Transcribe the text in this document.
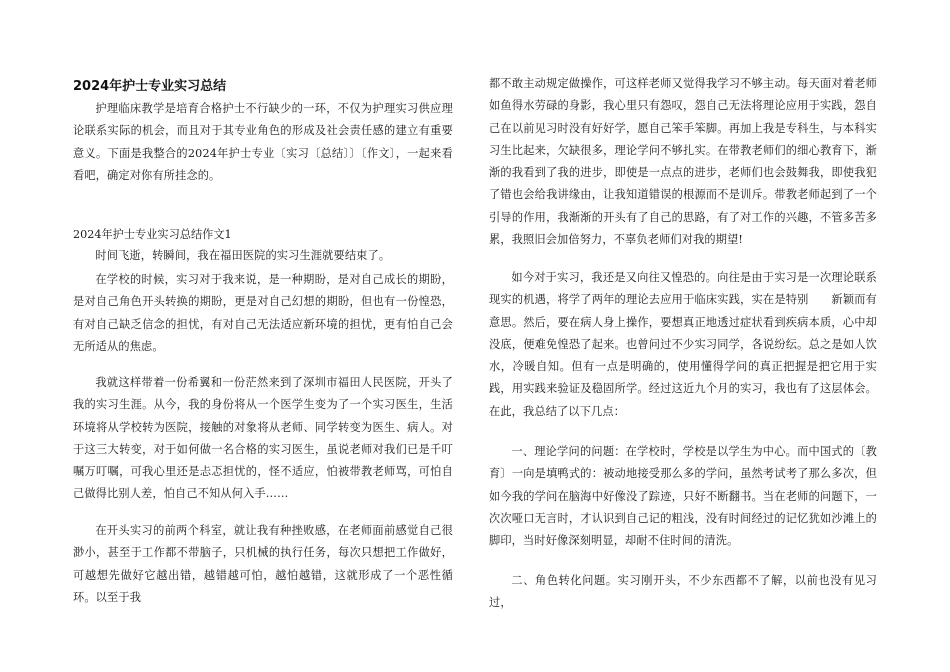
2024年护士专业实习总结

护理临床教学是培育合格护士不行缺少的一环，不仅为护理实习供应理论联系实际的机会，而且对于其专业角色的形成及社会责任感的建立有重要意义。下面是我整合的2024年护士专业〔实习〔总结〕〕〔作文〕，一起来看看吧，确定对你有所挂念的。

2024年护士专业实习总结作文1

时间飞逝，转瞬间，我在福田医院的实习生涯就要结束了。

在学校的时候，实习对于我来说，是一种期盼，是对自己成长的期盼，是对自己角色开头转换的期盼，更是对自己幻想的期盼，但也有一份惶恐，有对自己缺乏信念的担忧，有对自己无法适应新环境的担忧，更有怕自己会无所适从的焦虑。

我就这样带着一份希翼和一份茫然来到了深圳市福田人民医院，开头了我的实习生涯。从今，我的身份将从一个医学生变为了一个实习医生，生活环境将从学校转为医院，接触的对象将从老师、同学转变为医生、病人。对于这三大转变，对于如何做一名合格的实习医生，虽说老师对我们已是千叮嘱万叮嘱，可我心里还是忐忑担忧的，怪不适应，怕被带教老师骂，可怕自己做得比别人差，怕自己不知从何入手……

在开头实习的前两个科室，就让我有种挫败感，在老师面前感觉自己很渺小，甚至于工作都不带脑子，只机械的执行任务，每次只想把工作做好，可越想先做好它越出错，越错越可怕，越怕越错，这就形成了一个恶性循环。以至于我

都不敢主动规定做操作，可这样老师又觉得我学习不够主动。每天面对着老师如鱼得水劳碌的身影，我心里只有怨叹，怨自己无法将理论应用于实践，怨自己在以前见习时没有好好学，愿自己笨手笨脚。再加上我是专科生，与本科实习生比起来，欠缺很多，理论学问不够扎实。在带教老师们的细心教育下，渐渐的我看到了我的进步，即使是一点点的进步，老师们也会鼓舞我，即使我犯了错也会给我讲缘由，让我知道错误的根源而不是训斥。带教老师起到了一个引导的作用，我渐渐的开头有了自己的思路，有了对工作的兴趣，不管多苦多累，我照旧会加倍努力，不辜负老师们对我的期望!

如今对于实习，我还是又向往又惶恐的。向往是由于实习是一次理论联系现实的机遇，将学了两年的理论去应用于临床实践，实在是特别　　新颖而有意思。然后，要在病人身上操作，要想真正地透过症状看到疾病本质，心中却没底，便难免惶恐了起来。也曾问过不少实习同学，各说纷纭。总之是如人饮水，冷暖自知。但有一点是明确的，使用懂得学问的真正把握是把它用于实践，用实践来验证及稳固所学。经过这近九个月的实习，我也有了这层体会。在此，我总结了以下几点：

一、理论学问的问题：在学校时，学校是以学生为中心。而中国式的〔教育〕一向是填鸭式的：被动地接受那么多的学问，虽然考试考了那么多次，但如今我的学问在脑海中好像没了踪迹，只好不断翻书。当在老师的问题下，一次次哑口无言时，才认识到自己记的粗浅，没有时间经过的记忆犹如沙滩上的脚印，当时好像深刻明显，却耐不住时间的清洗。

二、角色转化问题。实习刚开头，不少东西都不了解，以前也没有见习过，
